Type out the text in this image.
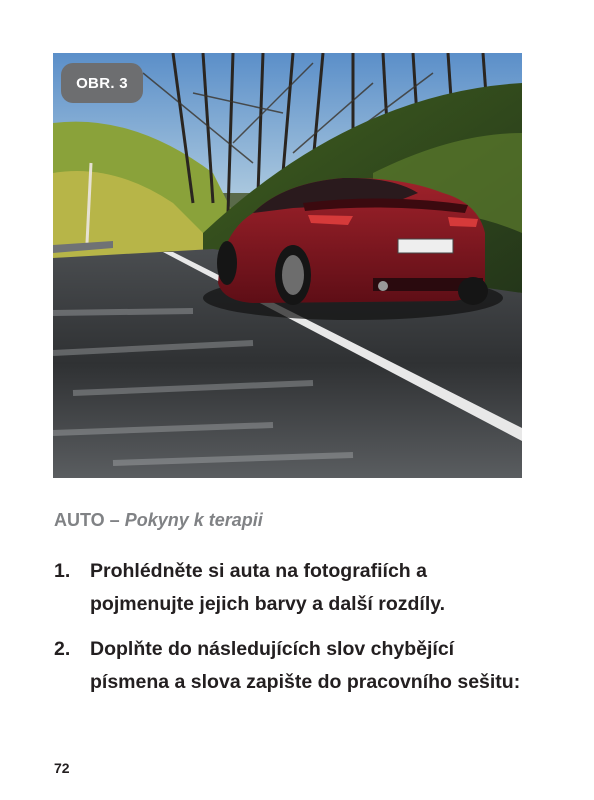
OBR. 3
AUTO – Pokyny k terapii
1.	Prohlédněte si auta na fotografiích a pojmenujte jejich barvy a další rozdíly.
2.	Doplňte do následujících slov chybějící písmena a slova zapište do pracovního sešitu:
72
